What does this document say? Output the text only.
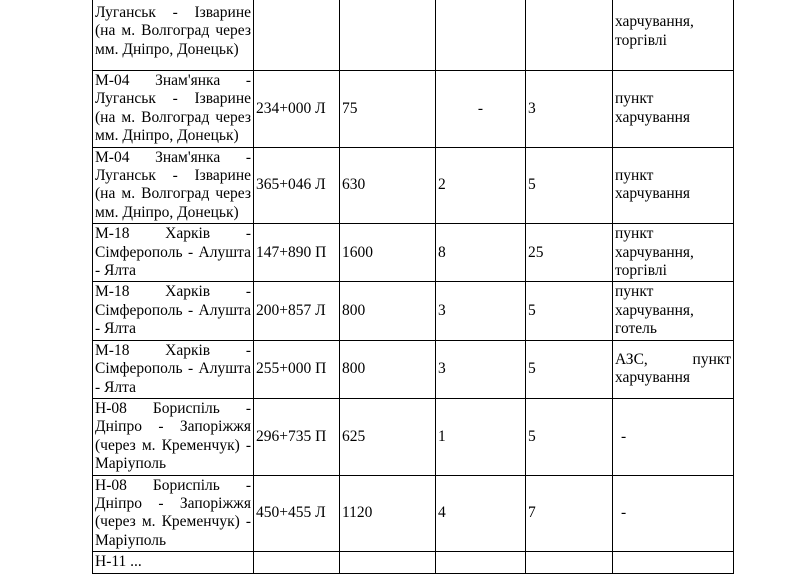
Луганськ - Ізварине
(на м. Волгоград через
мм. Дніпро, Донецьк)					харчування,
торгівлі

М-04 Знам'янка -
Луганськ - Ізварине
(на м. Волгоград через
мм. Дніпро, Донецьк)	234+000 Л	75	-	3	пункт
харчування

М-04 Знам'янка -
Луганськ - Ізварине
(на м. Волгоград через
мм. Дніпро, Донецьк)	365+046 Л	630	2	5	пункт
харчування

М-18 Харків -
Сімферополь - Алушта
- Ялта	147+890 П	1600	8	25	пункт
харчування,
торгівлі

М-18 Харків -
Сімферополь - Алушта
- Ялта	200+857 Л	800	3	5	пункт
харчування,
готель

М-18 Харків -
Сімферополь - Алушта
- Ялта	255+000 П	800	3	5	АЗС, пункт
харчування

Н-08 Бориспіль -
Дніпро - Запоріжжя
(через м. Кременчук) -
Маріуполь	296+735 П	625	1	5	-

Н-08 Бориспіль -
Дніпро - Запоріжжя
(через м. Кременчук) -
Маріуполь	450+455 Л	1120	4	7	-

Н-11 ...					
